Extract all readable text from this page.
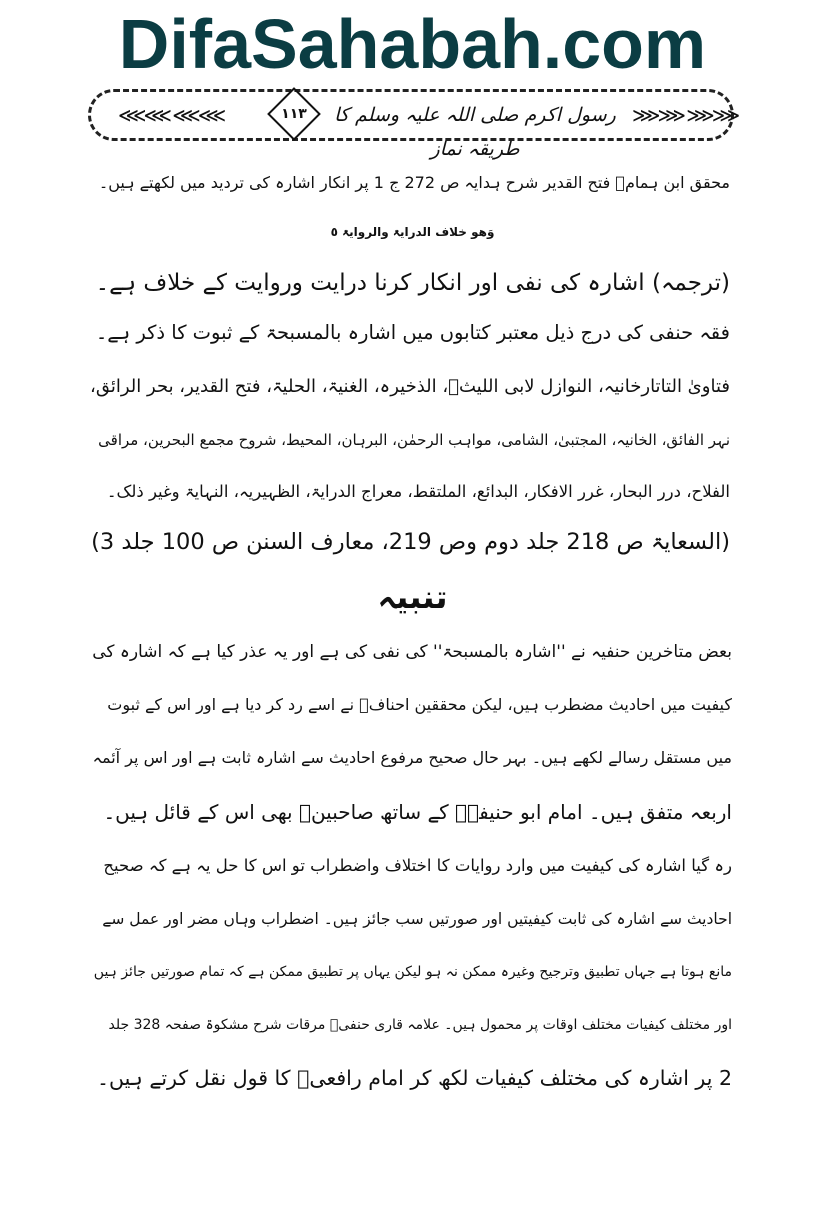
DifaSahabah.com
⋘⋘ ⋘⋘	⋙⋙ ⋙⋙
۱۱۳ رسول اکرم صلی اللہ علیہ وسلم کا طریقہ نماز
محقق ابن ہمامؒ فتح القدیر شرح ہدایہ ص 272 ج 1 پر انکار اشارہ کی تردید میں لکھتے ہیں۔
وَھو خلاف الدرایۃ والروایۃ ٥
(ترجمہ) اشارہ کی نفی اور انکار کرنا درایت وروایت کے خلاف ہے۔
فقہ حنفی کی درج ذیل معتبر کتابوں میں اشارہ بالمسبحۃ کے ثبوت کا ذکر ہے۔
فتاویٰ التاتارخانیہ، النوازل لابی اللیثؒ، الذخیرہ، الغنیۃ، الحلیۃ، فتح القدیر، بحر الرائق،
نہر الفائق، الخانیہ، المجتبیٰ، الشامی، مواہب الرحمٰن، البرہان، المحیط، شروح مجمع البحرین، مراقی
الفلاح، درر البحار، غرر الافکار، البدائع، الملتقط، معراج الدرایۃ، الظہیریہ، النہایۃ وغیر ذلک۔
(السعایۃ ص 218 جلد دوم وص 219، معارف السنن ص 100 جلد 3)
تنبیہ
بعض متاخرین حنفیہ نے ''اشارہ بالمسبحۃ'' کی نفی کی ہے اور یہ عذر کیا ہے کہ اشارہ کی
کیفیت میں احادیث مضطرب ہیں، لیکن محققین احنافؒ نے اسے رد کر دیا ہے اور اس کے ثبوت
میں مستقل رسالے لکھے ہیں۔ بہر حال صحیح مرفوع احادیث سے اشارہ ثابت ہے اور اس پر آئمہ
اربعہ متفق ہیں۔ امام ابو حنیفہؒ کے ساتھ صاحبینؒ بھی اس کے قائل ہیں۔
رہ گیا اشارہ کی کیفیت میں وارد روایات کا اختلاف واضطراب تو اس کا حل یہ ہے کہ صحیح
احادیث سے اشارہ کی ثابت کیفیتیں اور صورتیں سب جائز ہیں۔ اضطراب وہاں مضر اور عمل سے
مانع ہوتا ہے جہاں تطبیق وترجیح وغیرہ ممکن نہ ہو لیکن یہاں پر تطبیق ممکن ہے کہ تمام صورتیں جائز ہیں
اور مختلف کیفیات مختلف اوقات پر محمول ہیں۔ علامہ قاری حنفیؒ مرقات شرح مشکوۃ صفحہ 328 جلد
2 پر اشارہ کی مختلف کیفیات لکھ کر امام رافعیؒ کا قول نقل کرتے ہیں۔
